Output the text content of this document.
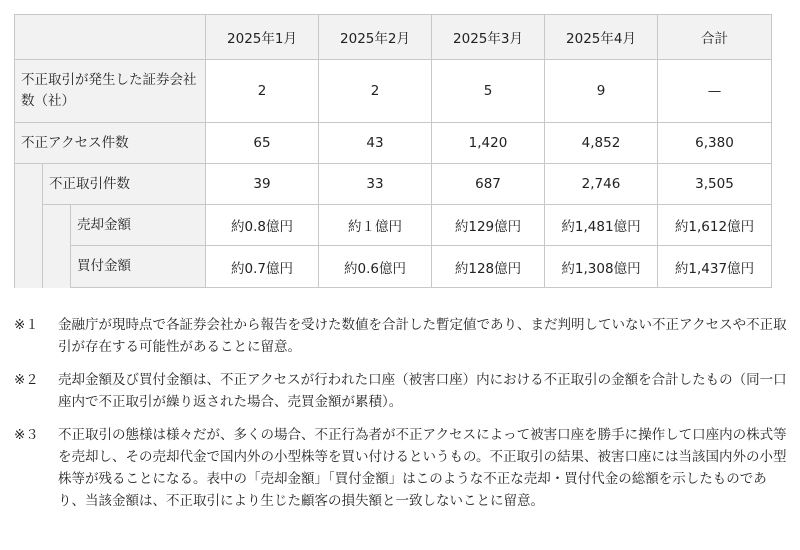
			2025年1月	2025年2月	2025年3月	2025年4月	合計
不正取引が発生した証券会社数（社）			2	2	5	9	—
不正アクセス件数			65	43	1,420	4,852	6,380
	不正取引件数		39	33	687	2,746	3,505
		売却金額	約0.8億円	約１億円	約129億円	約1,481億円	約1,612億円
		買付金額	約0.7億円	約0.6億円	約128億円	約1,308億円	約1,437億円
※１	金融庁が現時点で各証券会社から報告を受けた数値を合計した暫定値であり、まだ判明していない不正アクセスや不正取引が存在する可能性があることに留意。
※２	売却金額及び買付金額は、不正アクセスが行われた口座（被害口座）内における不正取引の金額を合計したもの（同一口座内で不正取引が繰り返された場合、売買金額が累積）。
※３	不正取引の態様は様々だが、多くの場合、不正行為者が不正アクセスによって被害口座を勝手に操作して口座内の株式等を売却し、その売却代金で国内外の小型株等を買い付けるというもの。不正取引の結果、被害口座には当該国内外の小型株等が残ることになる。表中の「売却金額」「買付金額」はこのような不正な売却・買付代金の総額を示したものであり、当該金額は、不正取引により生じた顧客の損失額と一致しないことに留意。
